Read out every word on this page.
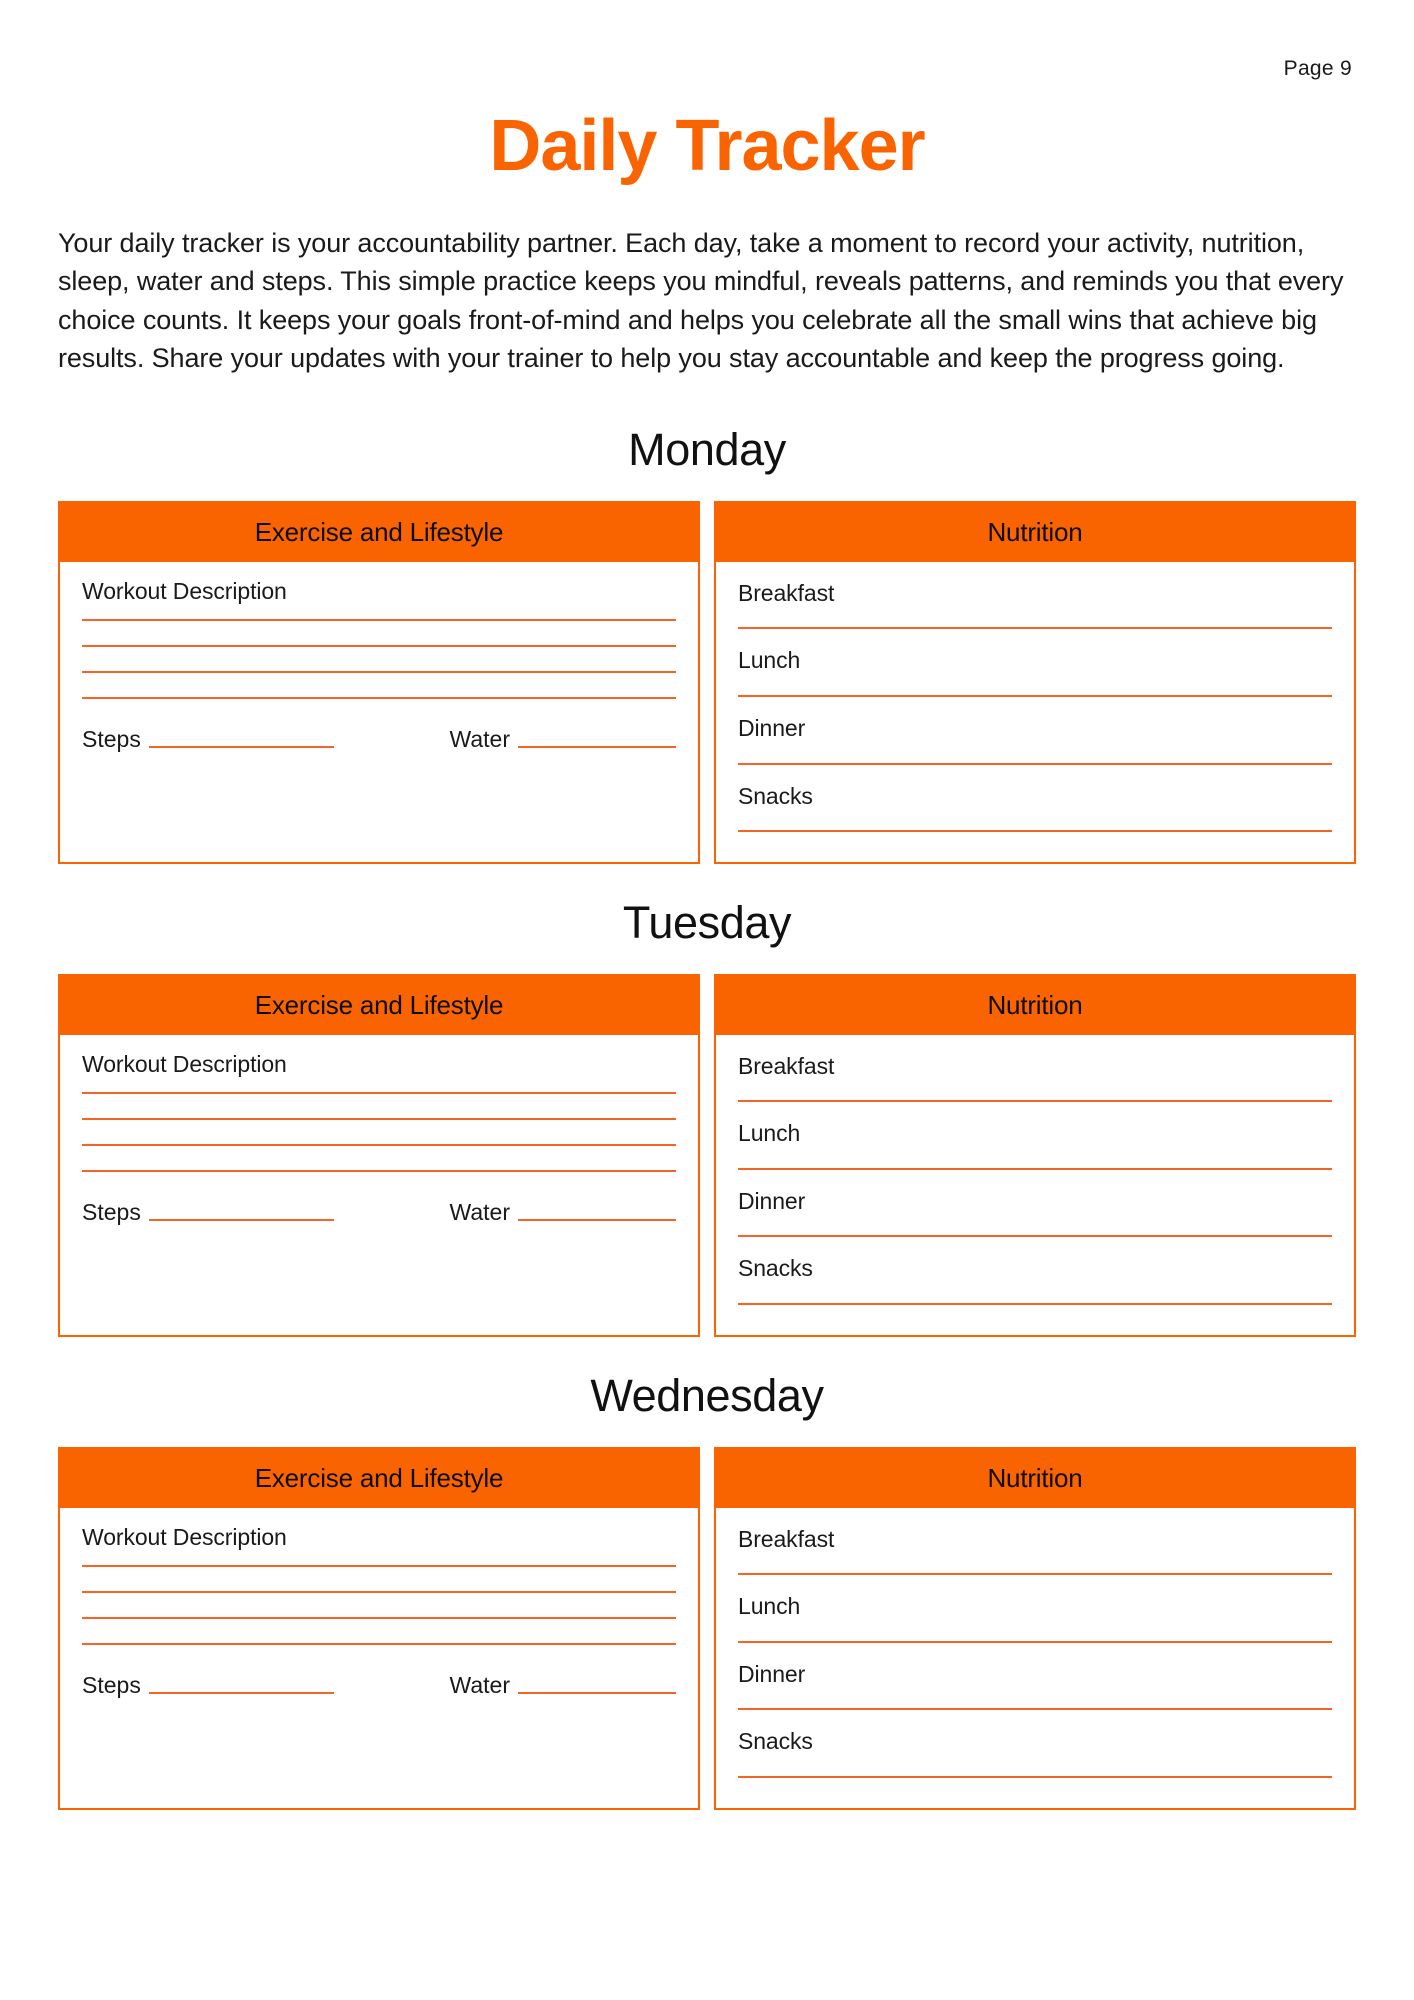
Page 9
Daily Tracker

Your daily tracker is your accountability partner. Each day, take a moment to record your activity, nutrition, sleep, water and steps. This simple practice keeps you mindful, reveals patterns, and reminds you that every choice counts. It keeps your goals front-of-mind and helps you celebrate all the small wins that achieve big results. Share your updates with your trainer to help you stay accountable and keep the progress going.

Monday
Exercise and Lifestyle
Workout Description
Steps	Water
Nutrition
Breakfast
Lunch
Dinner
Snacks
Tuesday
Exercise and Lifestyle
Workout Description
Steps	Water
Nutrition
Breakfast
Lunch
Dinner
Snacks
Wednesday
Exercise and Lifestyle
Workout Description
Steps	Water
Nutrition
Breakfast
Lunch
Dinner
Snacks
